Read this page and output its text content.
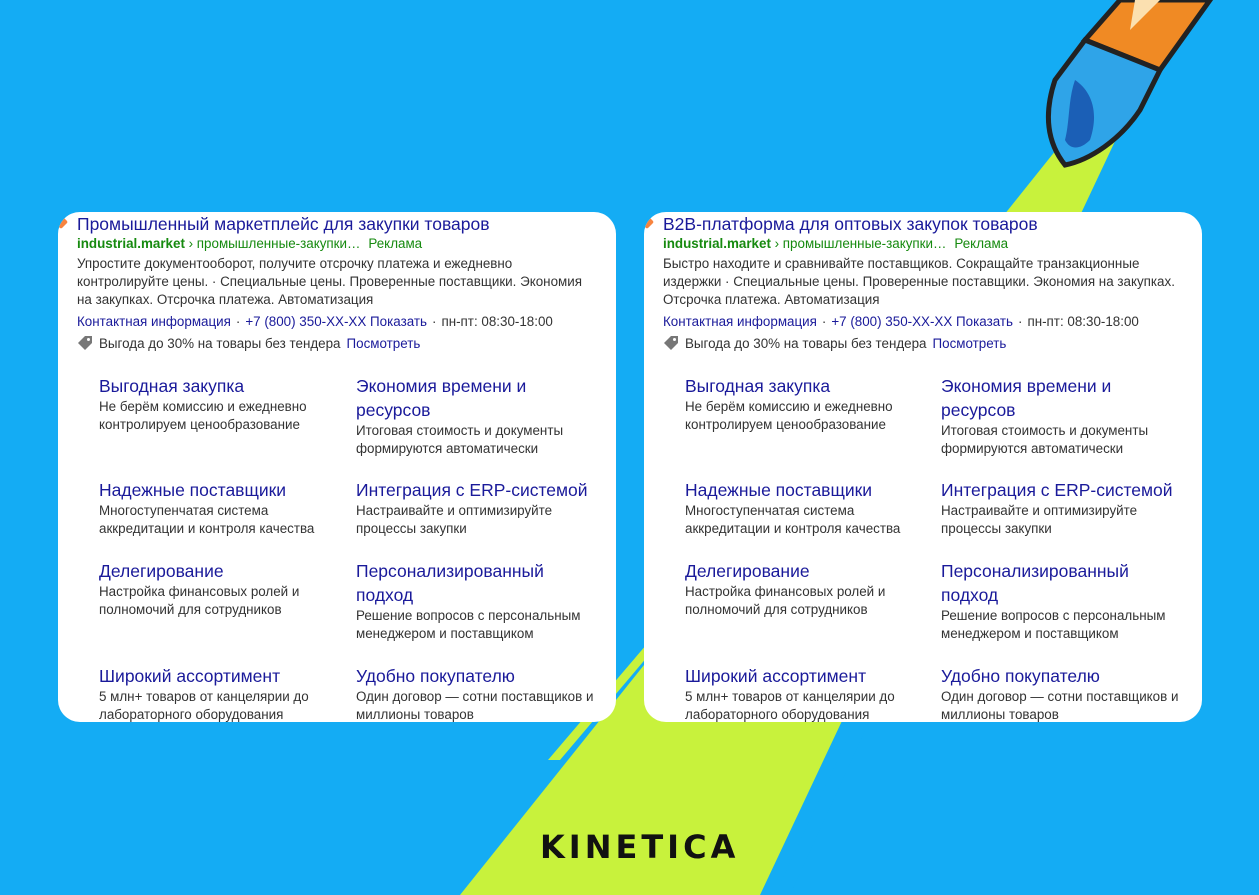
Промышленный маркетплейс для закупки товаров
industrial.market › промышленные-закупки… Реклама
Упростите документооборот, получите отсрочку платежа и ежедневно контролируйте цены. · Специальные цены. Проверенные поставщики. Экономия на закупках. Отсрочка платежа. Автоматизация
Контактная информация · +7 (800) 350-XX-XX Показать · пн-пт: 08:30-18:00
Выгода до 30% на товары без тендера Посмотреть
Выгодная закупка
Не берём комиссию и ежедневно контролируем ценообразование
Экономия времени и ресурсов
Итоговая стоимость и документы формируются автоматически
Надежные поставщики
Многоступенчатая система аккредитации и контроля качества
Интеграция с ERP-системой
Настраивайте и оптимизируйте процессы закупки
Делегирование
Настройка финансовых ролей и полномочий для сотрудников
Персонализированный подход
Решение вопросов с персональным менеджером и поставщиком
Широкий ассортимент
5 млн+ товаров от канцелярии до лабораторного оборудования
Удобно покупателю
Один договор — сотни поставщиков и миллионы товаров
B2B-платформа для оптовых закупок товаров
industrial.market › промышленные-закупки… Реклама
Быстро находите и сравнивайте поставщиков. Сокращайте транзакционные издержки · Специальные цены. Проверенные поставщики. Экономия на закупках. Отсрочка платежа. Автоматизация
Контактная информация · +7 (800) 350-XX-XX Показать · пн-пт: 08:30-18:00
Выгода до 30% на товары без тендера Посмотреть
Выгодная закупка
Не берём комиссию и ежедневно контролируем ценообразование
Экономия времени и ресурсов
Итоговая стоимость и документы формируются автоматически
Надежные поставщики
Многоступенчатая система аккредитации и контроля качества
Интеграция с ERP-системой
Настраивайте и оптимизируйте процессы закупки
Делегирование
Настройка финансовых ролей и полномочий для сотрудников
Персонализированный подход
Решение вопросов с персональным менеджером и поставщиком
Широкий ассортимент
5 млн+ товаров от канцелярии до лабораторного оборудования
Удобно покупателю
Один договор — сотни поставщиков и миллионы товаров
KINETICA
